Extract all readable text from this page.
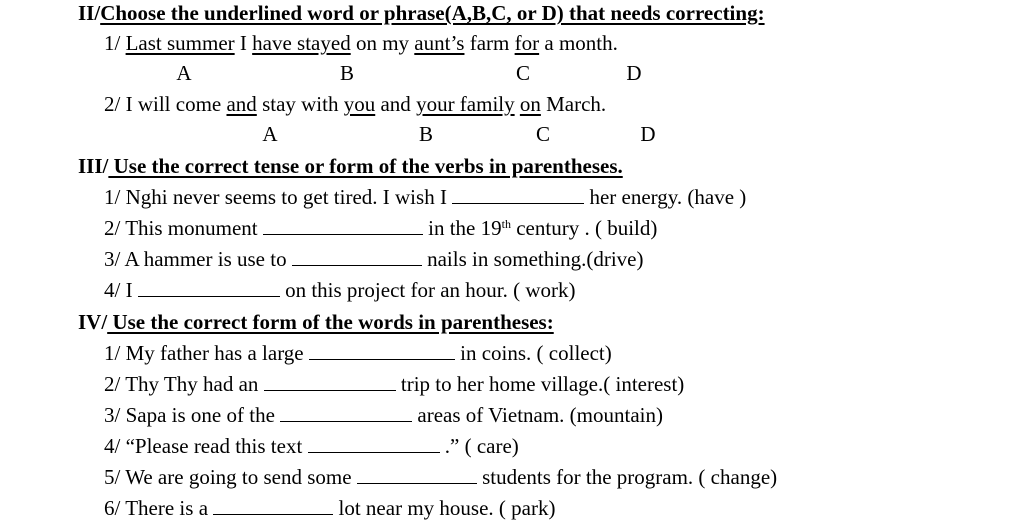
II/Choose the underlined word or phrase(A,B,C, or D) that needs correcting:
1/ Last summer I have stayed on my aunt’s farm for a month.
A	B	C	D
2/ I will come and stay with you and your family on March.
A	B	C	D
III/ Use the correct tense or form of the verbs in parentheses.
1/ Nghi never seems to get tired. I wish I	her energy. (have )
2/ This monument	in the 19th century . ( build)
3/ A hammer is use to	nails in something.(drive)
4/ I	on this project for an hour. ( work)
IV/ Use the correct form of the words in parentheses:
1/ My father has a large	in coins. ( collect)
2/ Thy Thy had an	trip to her home village.( interest)
3/ Sapa is one of the	areas of Vietnam. (mountain)
4/ “Please read this text	.” ( care)
5/ We are going to send some	students for the program. ( change)
6/ There is a	lot near my house. ( park)
